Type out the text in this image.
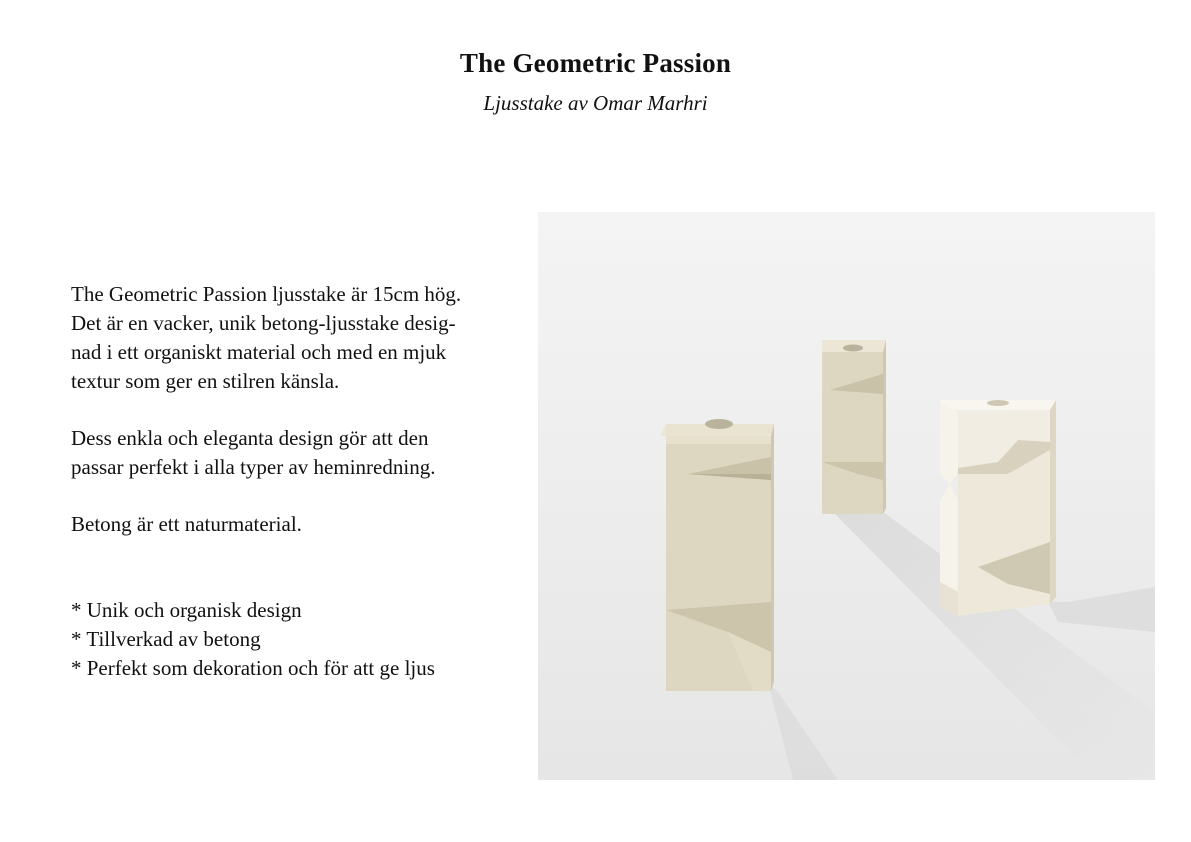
The Geometric Passion
Ljusstake av Omar Marhri
The Geometric Passion ljusstake är 15cm hög.
Det är en vacker, unik betong-ljusstake desig-
nad i ett organiskt material och med en mjuk
textur som ger en stilren känsla.
Dess enkla och eleganta design gör att den
passar perfekt i alla typer av heminredning.
Betong är ett naturmaterial.
* Unik och organisk design
* Tillverkad av betong
* Perfekt som dekoration och för att ge ljus
